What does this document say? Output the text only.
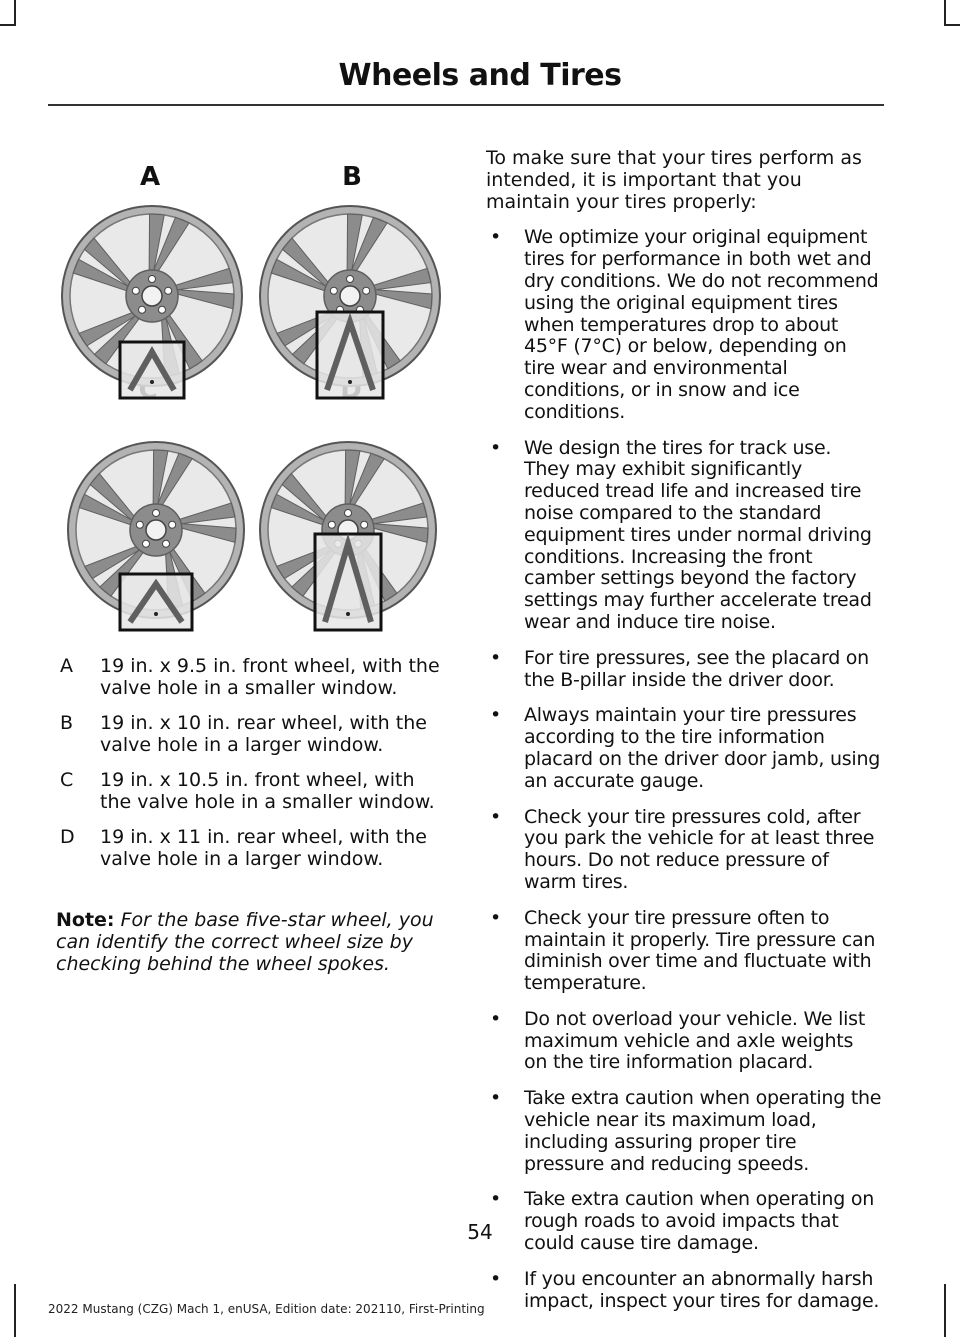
Wheels and Tires
A	B
A	19 in. x 9.5 in. front wheel, with the valve hole in a smaller window.
B	19 in. x 10 in. rear wheel, with the valve hole in a larger window.
C	19 in. x 10.5 in. front wheel, with the valve hole in a smaller window.
D	19 in. x 11 in. rear wheel, with the valve hole in a larger window.
Note: For the base five-star wheel, you can identify the correct wheel size by checking behind the wheel spokes.

To make sure that your tires perform as intended, it is important that you maintain your tires properly:

•	We optimize your original equipment tires for performance in both wet and dry conditions. We do not recommend using the original equipment tires when temperatures drop to about 45°F (7°C) or below, depending on tire wear and environmental conditions, or in snow and ice conditions.
•	We design the tires for track use. They may exhibit significantly reduced tread life and increased tire noise compared to the standard equipment tires under normal driving conditions. Increasing the front camber settings beyond the factory settings may further accelerate tread wear and induce tire noise.
•	For tire pressures, see the placard on the B-pillar inside the driver door.
•	Always maintain your tire pressures according to the tire information placard on the driver door jamb, using an accurate gauge.
•	Check your tire pressures cold, after you park the vehicle for at least three hours. Do not reduce pressure of warm tires.
•	Check your tire pressure often to maintain it properly. Tire pressure can diminish over time and fluctuate with temperature.
•	Do not overload your vehicle. We list maximum vehicle and axle weights on the tire information placard.
•	Take extra caution when operating the vehicle near its maximum load, including assuring proper tire pressure and reducing speeds.
•	Take extra caution when operating on rough roads to avoid impacts that could cause tire damage.
•	If you encounter an abnormally harsh impact, inspect your tires for damage.
54
2022 Mustang (CZG) Mach 1, enUSA, Edition date: 202110, First-Printing
